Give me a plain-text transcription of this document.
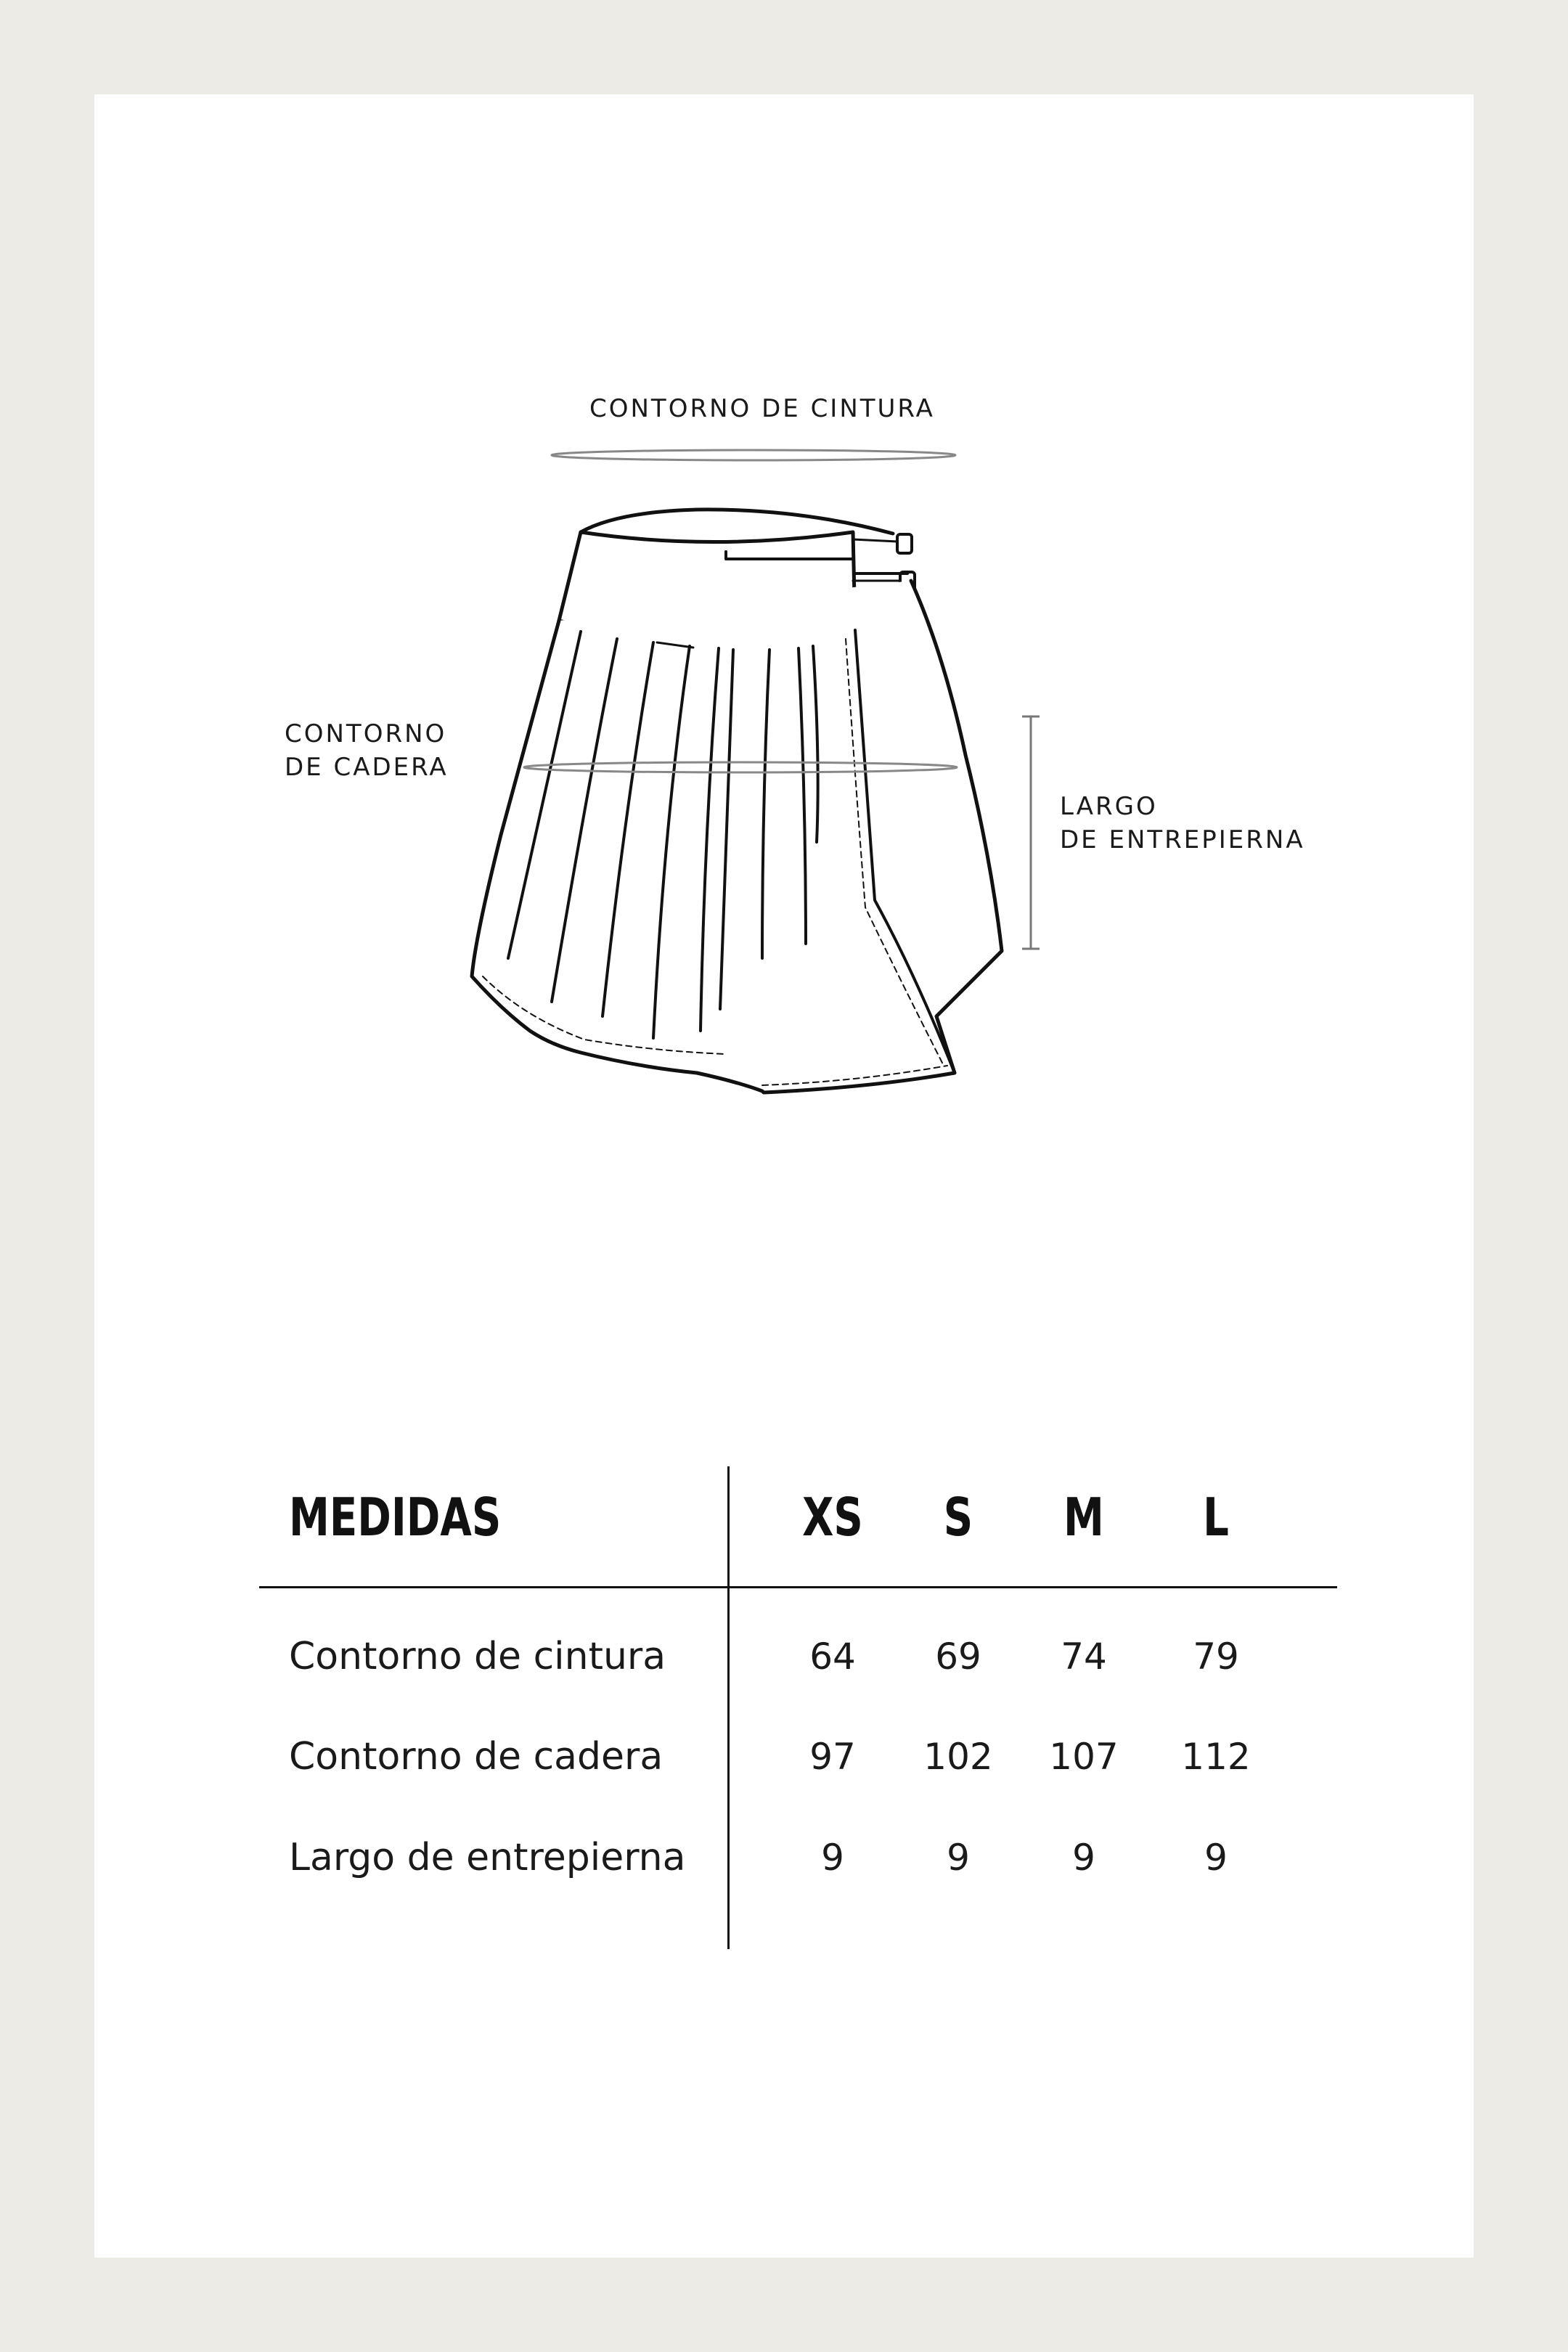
CONTORNO DE CINTURA
CONTORNO
DE CADERA
LARGO
DE ENTREPIERNA
MEDIDAS	XS	S	M	L
Contorno de cintura	64	69	74	79
Contorno de cadera	97	102	107	112
Largo de entrepierna	9	9	9	9
